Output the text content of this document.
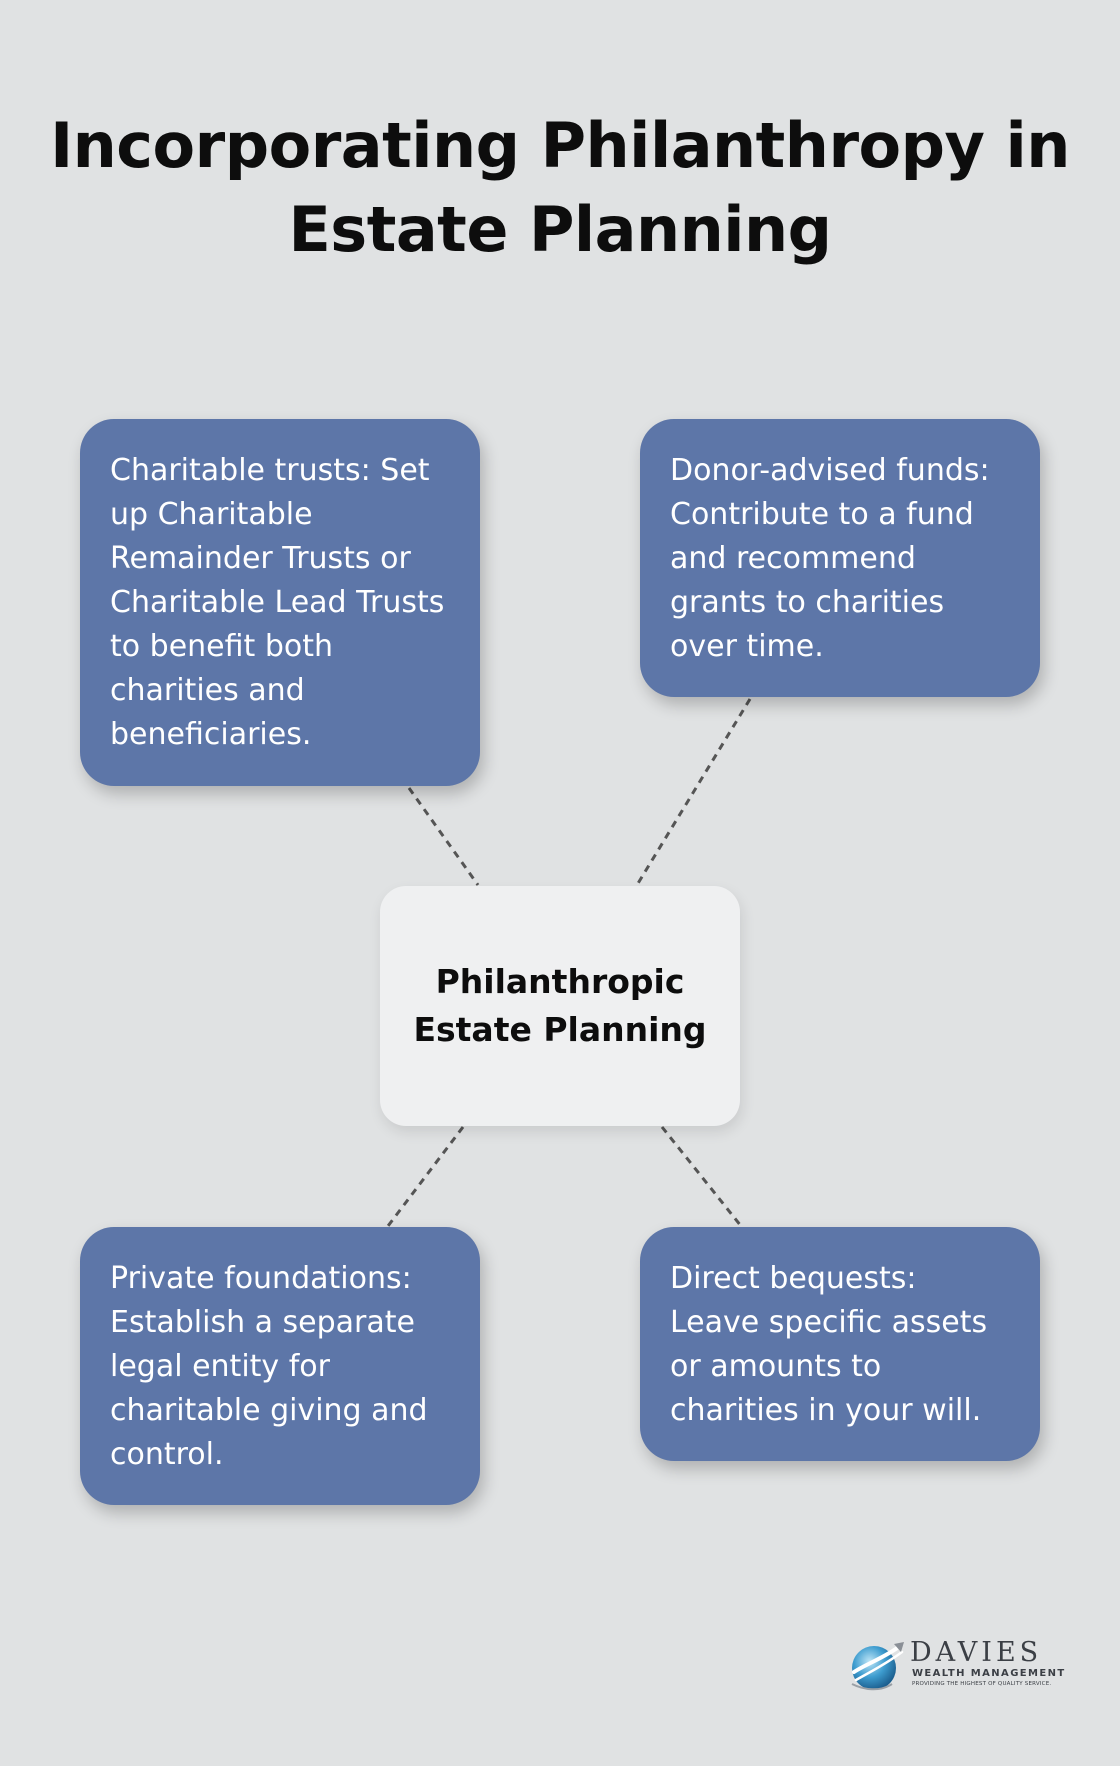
Incorporating Philanthropy in Estate Planning
Charitable trusts: Set up Charitable Remainder Trusts or Charitable Lead Trusts to benefit both charities and beneficiaries.
Donor-advised funds: Contribute to a fund and recommend grants to charities over time.
Philanthropic Estate Planning
Private foundations: Establish a separate legal entity for charitable giving and control.
Direct bequests: Leave specific assets or amounts to charities in your will.
DAVIES
WEALTH MANAGEMENT
PROVIDING THE HIGHEST OF QUALITY SERVICE.
